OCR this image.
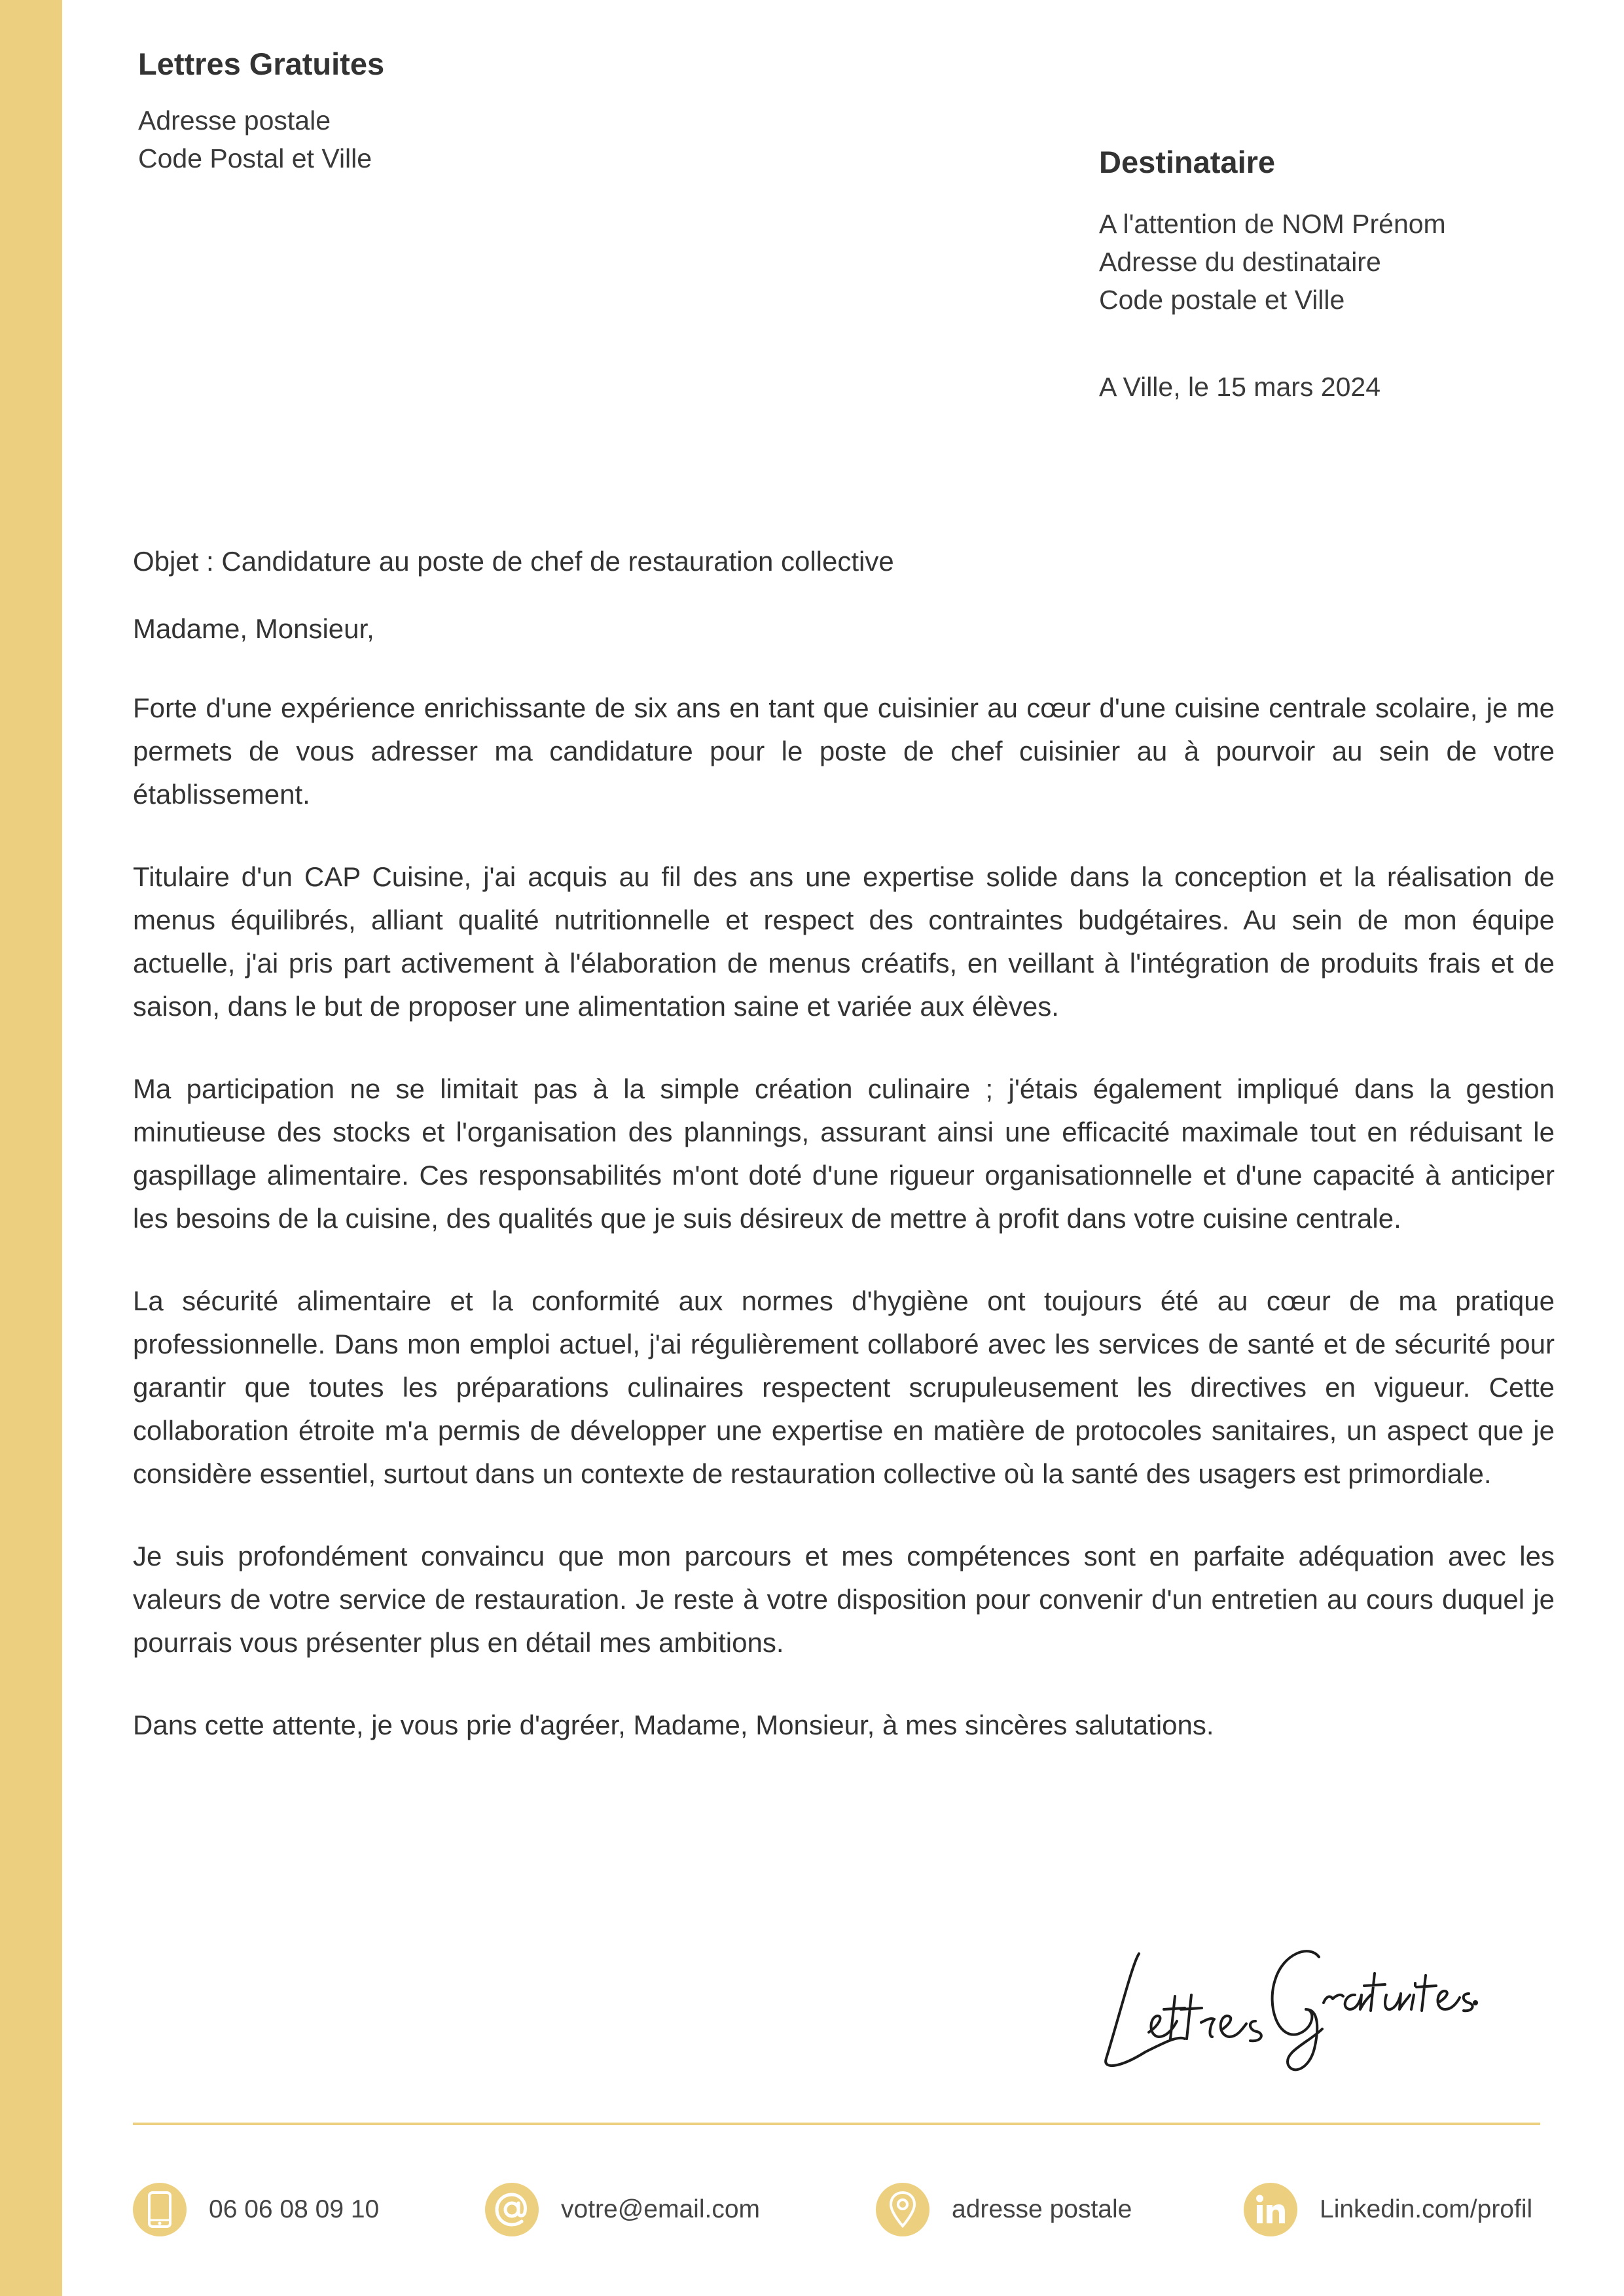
Lettres Gratuites
Adresse postale
Code Postal et Ville	Destinataire
A l'attention de NOM Prénom
Adresse du destinataire
Code postale et Ville
A Ville, le 15 mars 2024

Objet : Candidature au poste de chef de restauration collective

Madame, Monsieur,

Forte d'une expérience enrichissante de six ans en tant que cuisinier au cœur d'une cuisine centrale scolaire, je me permets de vous adresser ma candidature pour le poste de chef cuisinier au à pourvoir au sein de votre établissement.

Titulaire d'un CAP Cuisine, j'ai acquis au fil des ans une expertise solide dans la conception et la réalisation de menus équilibrés, alliant qualité nutritionnelle et respect des contraintes budgétaires. Au sein de mon équipe actuelle, j'ai pris part activement à l'élaboration de menus créatifs, en veillant à l'intégration de produits frais et de saison, dans le but de proposer une alimentation saine et variée aux élèves.

Ma participation ne se limitait pas à la simple création culinaire ; j'étais également impliqué dans la gestion minutieuse des stocks et l'organisation des plannings, assurant ainsi une efficacité maximale tout en réduisant le gaspillage alimentaire. Ces responsabilités m'ont doté d'une rigueur organisationnelle et d'une capacité à anticiper les besoins de la cuisine, des qualités que je suis désireux de mettre à profit dans votre cuisine centrale.

La sécurité alimentaire et la conformité aux normes d'hygiène ont toujours été au cœur de ma pratique professionnelle. Dans mon emploi actuel, j'ai régulièrement collaboré avec les services de santé et de sécurité pour garantir que toutes les préparations culinaires respectent scrupuleusement les directives en vigueur. Cette collaboration étroite m'a permis de développer une expertise en matière de protocoles sanitaires, un aspect que je considère essentiel, surtout dans un contexte de restauration collective où la santé des usagers est primordiale.

Je suis profondément convaincu que mon parcours et mes compétences sont en parfaite adéquation avec les valeurs de votre service de restauration. Je reste à votre disposition pour convenir d'un entretien au cours duquel je pourrais vous présenter plus en détail mes ambitions.

Dans cette attente, je vous prie d'agréer, Madame, Monsieur, à mes sincères salutations.

06 06 08 09 10	votre@email.com	adresse postale	Linkedin.com/profil
